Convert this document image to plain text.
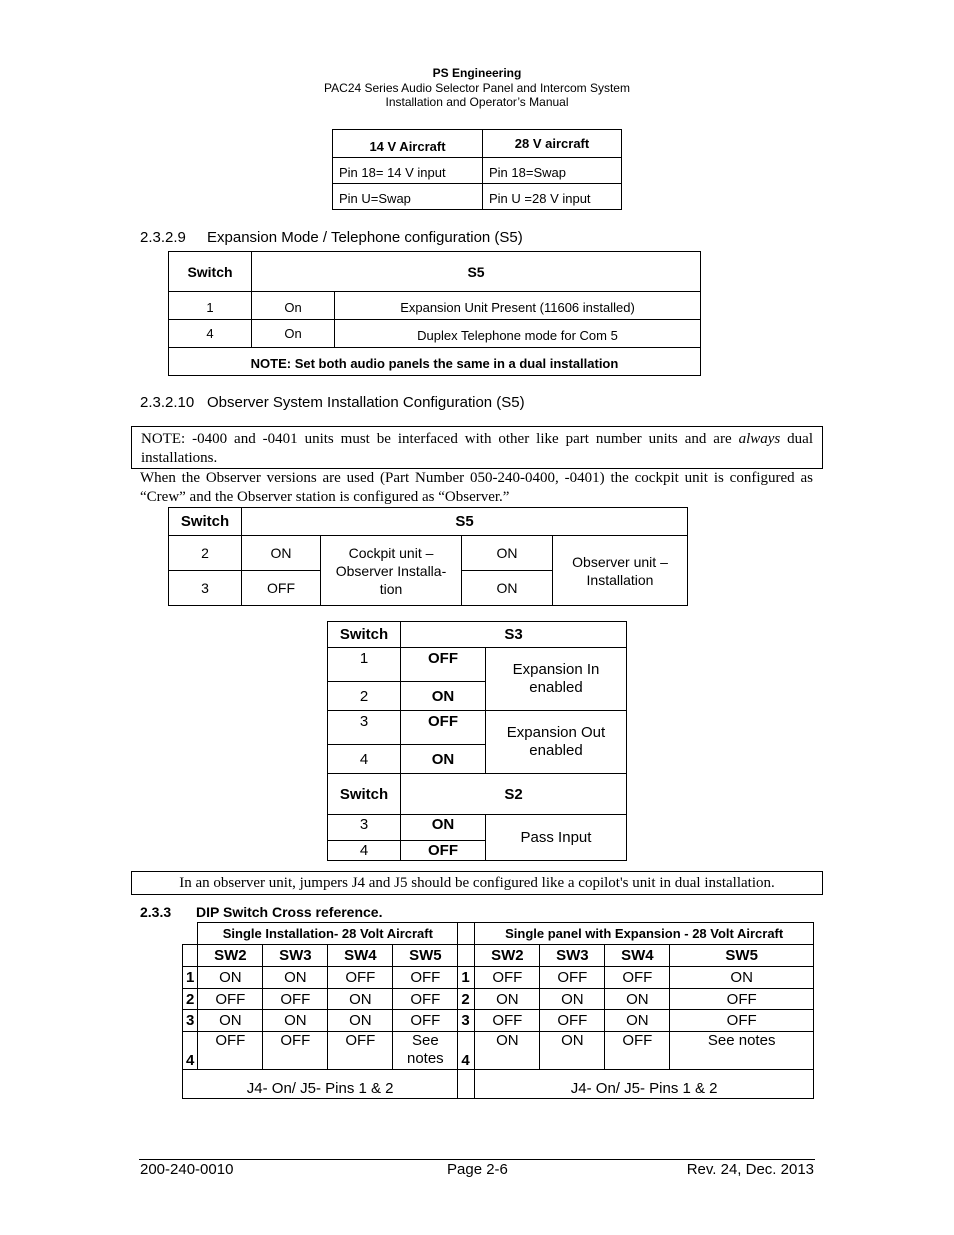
PS Engineering
PAC24 Series Audio Selector Panel and Intercom System
Installation and Operator’s Manual
14 V Aircraft	28 V aircraft
Pin 18= 14 V input	Pin 18=Swap
Pin U=Swap	Pin U =28 V input
2.3.2.9 Expansion Mode / Telephone configuration (S5)
Switch	S5	
1	On	Expansion Unit Present (11606 installed)
4	On	Duplex Telephone mode for Com 5
NOTE: Set both audio panels the same in a dual installation		
2.3.2.10 Observer System Installation Configuration (S5)
NOTE: -0400 and -0401 units must be interfaced with other like part number units and are always dual installations.
When the Observer versions are used (Part Number 050-240-0400, -0401) the cockpit unit is configured as “Crew” and the Observer station is configured as “Observer.”
Switch	S5			
2	ON	Cockpit unit – Observer Installa-tion	ON	Observer unit – Installation
3	OFF		ON	
Switch	S3	
1	OFF	Expansion In enabled
2	ON	
3	OFF	Expansion Out enabled
4	ON	
Switch	S2	
3	ON	Pass Input
4	OFF	
In an observer unit, jumpers J4 and J5 should be configured like a copilot's unit in dual installation.
2.3.3 DIP Switch Cross reference.
	Single Installation- 28 Volt Aircraft					Single panel with Expansion - 28 Volt Aircraft			
	SW2	SW3	SW4	SW5		SW2	SW3	SW4	SW5
1	ON	ON	OFF	OFF	1	OFF	OFF	OFF	ON
2	OFF	OFF	ON	OFF	2	ON	ON	ON	OFF
3	ON	ON	ON	OFF	3	OFF	OFF	ON	OFF
4	OFF	OFF	OFF	See notes	4	ON	ON	OFF	See notes
J4- On/ J5- Pins 1 & 2						J4- On/ J5- Pins 1 & 2			
200-240-0010	Page 2-6	Rev. 24, Dec. 2013
